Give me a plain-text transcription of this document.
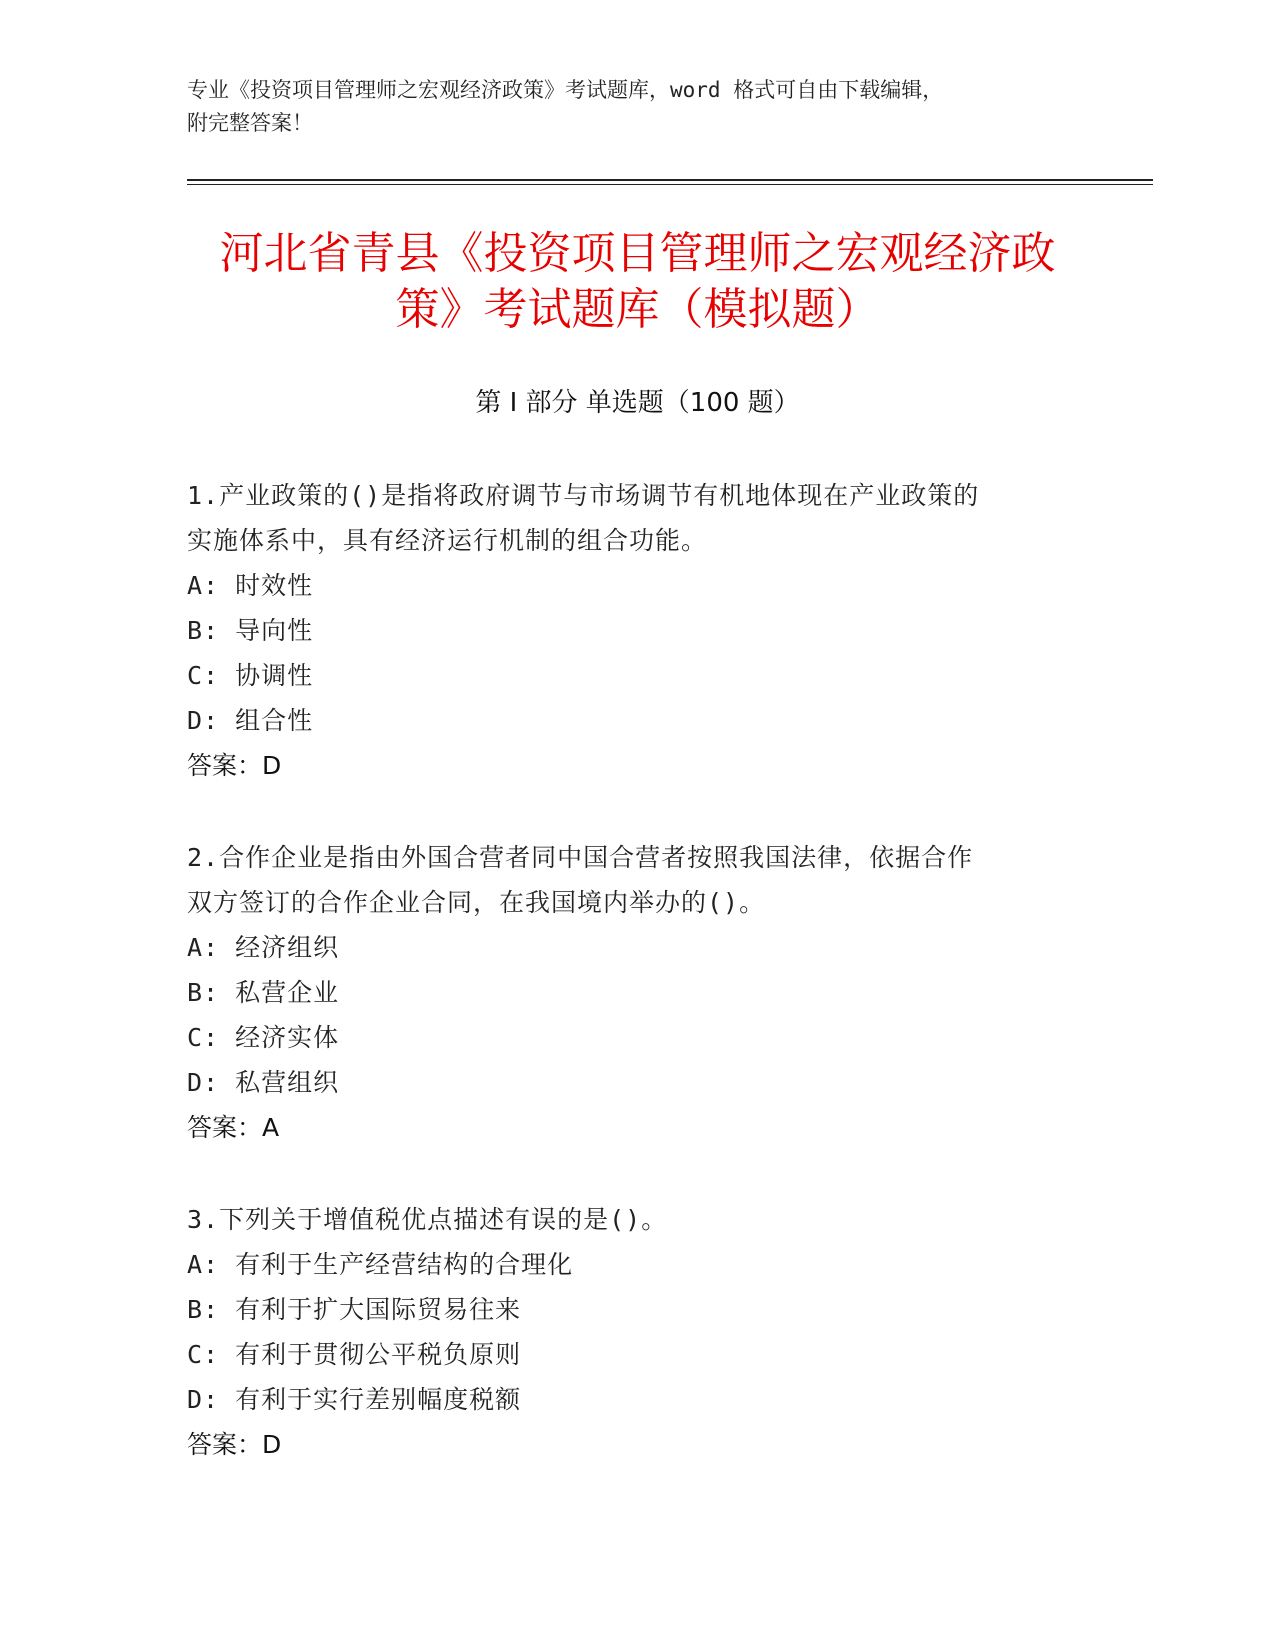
专业《投资项目管理师之宏观经济政策》考试题库，word 格式可自由下载编辑，
附完整答案！
河北省青县《投资项目管理师之宏观经济政
策》考试题库（模拟题）
第 I 部分 单选题（100 题）
1.产业政策的()是指将政府调节与市场调节有机地体现在产业政策的
实施体系中，具有经济运行机制的组合功能。
A: 时效性
B: 导向性
C: 协调性
D: 组合性
答案：D
2.合作企业是指由外国合营者同中国合营者按照我国法律，依据合作
双方签订的合作企业合同，在我国境内举办的()。
A: 经济组织
B: 私营企业
C: 经济实体
D: 私营组织
答案：A
3.下列关于增值税优点描述有误的是()。
A: 有利于生产经营结构的合理化
B: 有利于扩大国际贸易往来
C: 有利于贯彻公平税负原则
D: 有利于实行差别幅度税额
答案：D
